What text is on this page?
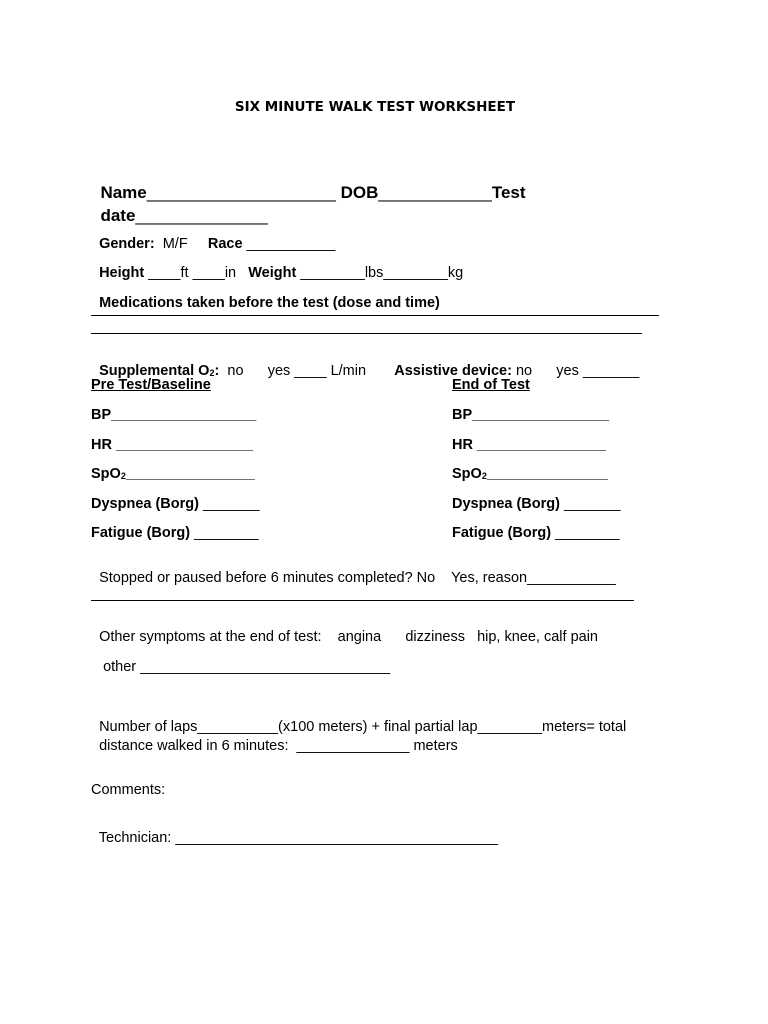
SIX MINUTE WALK TEST WORKSHEET

Name____________________ DOB____________Test

date______________

Gender: M/F Race ___________

Height ____ft ____in Weight ________lbs________kg

Medications taken before the test (dose and time)

Supplemental $O_2$: no yes ____ L/min Assistive device: no yes _______

Pre Test/Baseline
BP__________________
HR _________________
SpO$_2$________________
Dyspnea (Borg) _______
Fatigue (Borg) ________
End of Test
BP_________________
HR ________________
SpO$_2$_______________
Dyspnea (Borg) _______
Fatigue (Borg) ________

Stopped or paused before 6 minutes completed? No Yes, reason___________

Other symptoms at the end of test: angina dizziness hip, knee, calf pain

other _______________________________

Number of laps__________(x100 meters) + final partial lap________meters= total

distance walked in 6 minutes: ______________ meters

Comments:

Technician: ________________________________________
